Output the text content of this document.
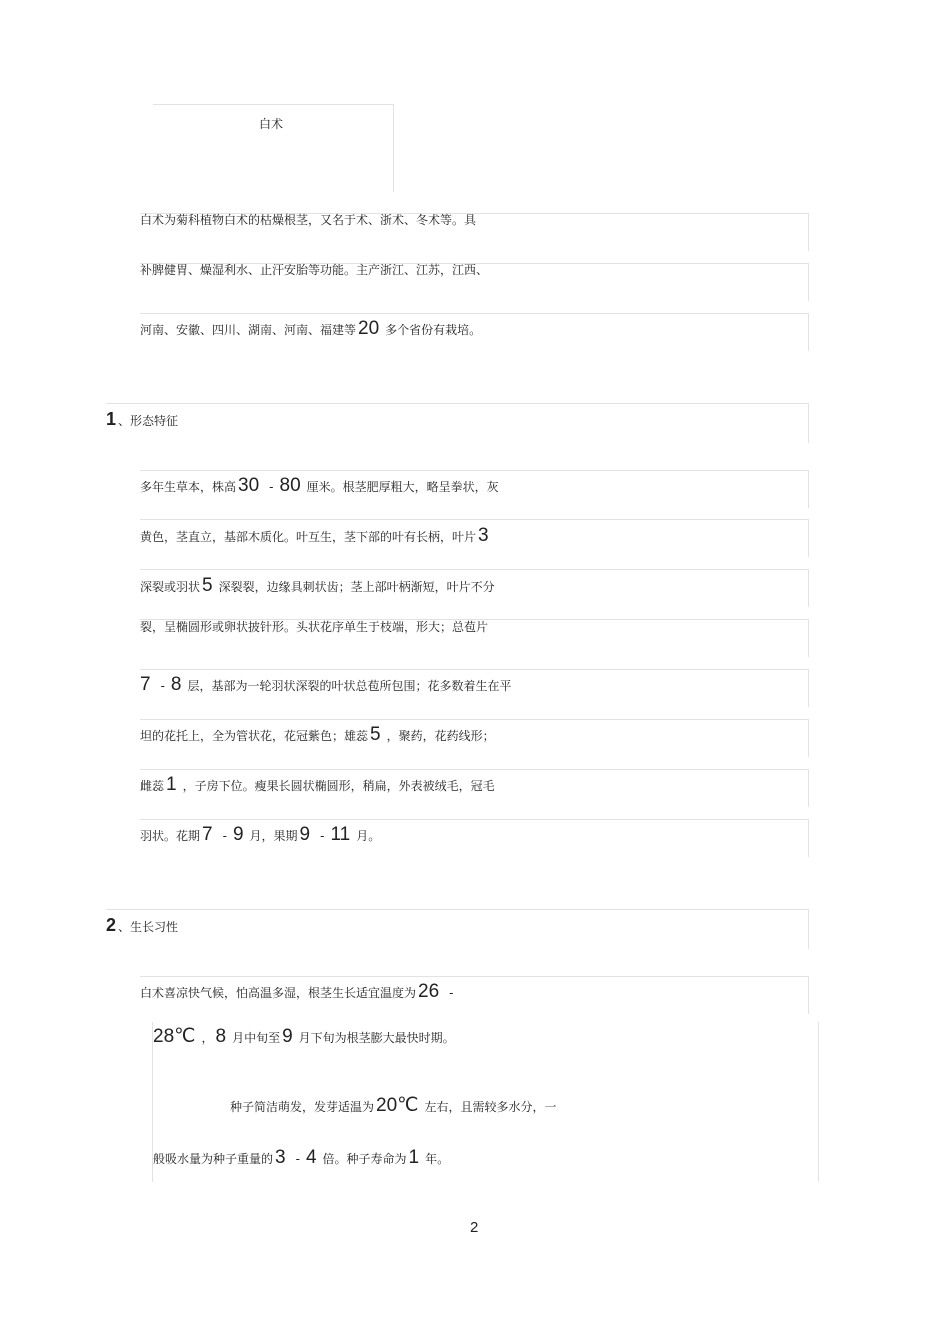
白术
白术为菊科植物白术的枯燥根茎，又名于术、浙术、冬术等。具
补脾健胃、燥湿利水、止汗安胎等功能。主产浙江、江苏，江西、
河南、安徽、四川、湖南、河南、福建等 20 多个省份有栽培。
1 、形态特征
多年生草本，株高 30 - 80 厘米。根茎肥厚粗大，略呈拳状，灰
黄色，茎直立，基部木质化。叶互生，茎下部的叶有长柄，叶片 3
深裂或羽状 5 深裂裂，边缘具刺状齿；茎上部叶柄渐短，叶片不分
裂，呈椭圆形或卵状披针形。头状花序单生于枝端，形大；总苞片
7 - 8 层，基部为一轮羽状深裂的叶状总苞所包围；花多数着生在平
坦的花托上，全为管状花，花冠紫色；雄蕊 5 ，聚药，花药线形；
雌蕊 1 ，子房下位。瘦果长圆状椭圆形，稍扁，外表被绒毛，冠毛
羽状。花期 7 - 9 月，果期 9 - 11 月。
2 、生长习性
白术喜凉快气候，怕高温多湿，根茎生长适宜温度为 26 -
28℃ ， 8 月中旬至 9 月下旬为根茎膨大最快时期。
种子简洁萌发，发芽适温为 20℃ 左右，且需较多水分，一
般吸水量为种子重量的 3 - 4 倍。种子寿命为 1 年。
2
